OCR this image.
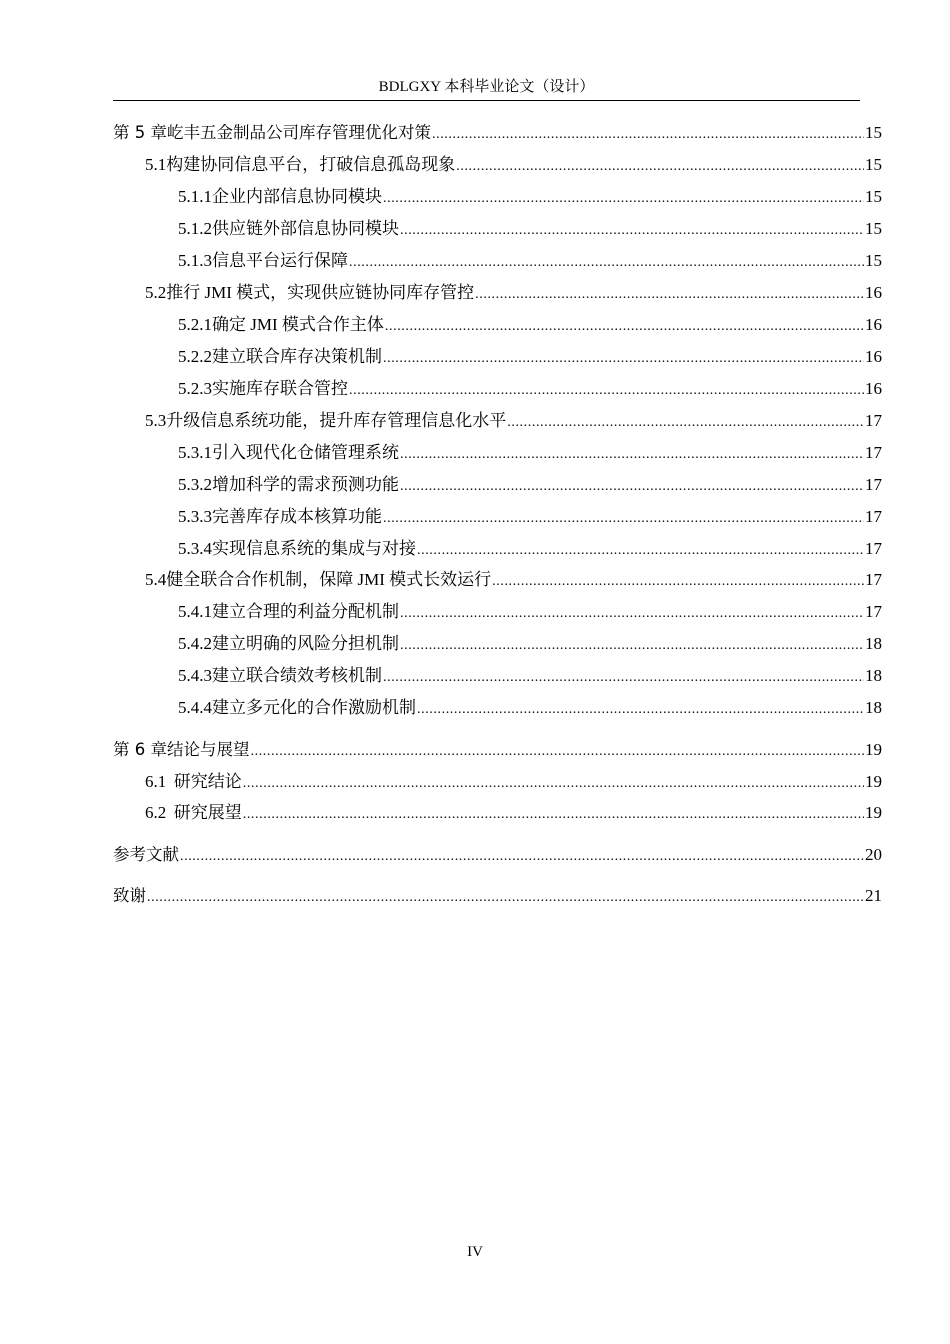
BDLGXY 本科毕业论文（设计）
第 5 章 屹丰五金制品公司库存管理优化对策 .....	15
5.1 构建协同信息平台，打破信息孤岛现象 .....	15
5.1.1 企业内部信息协同模块 .....	15
5.1.2 供应链外部信息协同模块 .....	15
5.1.3 信息平台运行保障 .....	15
5.2 推行 JMI 模式，实现供应链协同库存管控 .....	16
5.2.1 确定 JMI 模式合作主体 .....	16
5.2.2 建立联合库存决策机制 .....	16
5.2.3 实施库存联合管控 .....	16
5.3 升级信息系统功能，提升库存管理信息化水平 .....	17
5.3.1 引入现代化仓储管理系统 .....	17
5.3.2 增加科学的需求预测功能 .....	17
5.3.3 完善库存成本核算功能 .....	17
5.3.4 实现信息系统的集成与对接 .....	17
5.4 健全联合合作机制，保障 JMI 模式长效运行 .....	17
5.4.1 建立合理的利益分配机制 .....	17
5.4.2 建立明确的风险分担机制 .....	18
5.4.3 建立联合绩效考核机制 .....	18
5.4.4 建立多元化的合作激励机制 .....	18
第 6 章 结论与展望 .....	19
6.1 研究结论 .....	19
6.2 研究展望 .....	19
参考文献 .....	20
致谢 .....	21
IV
